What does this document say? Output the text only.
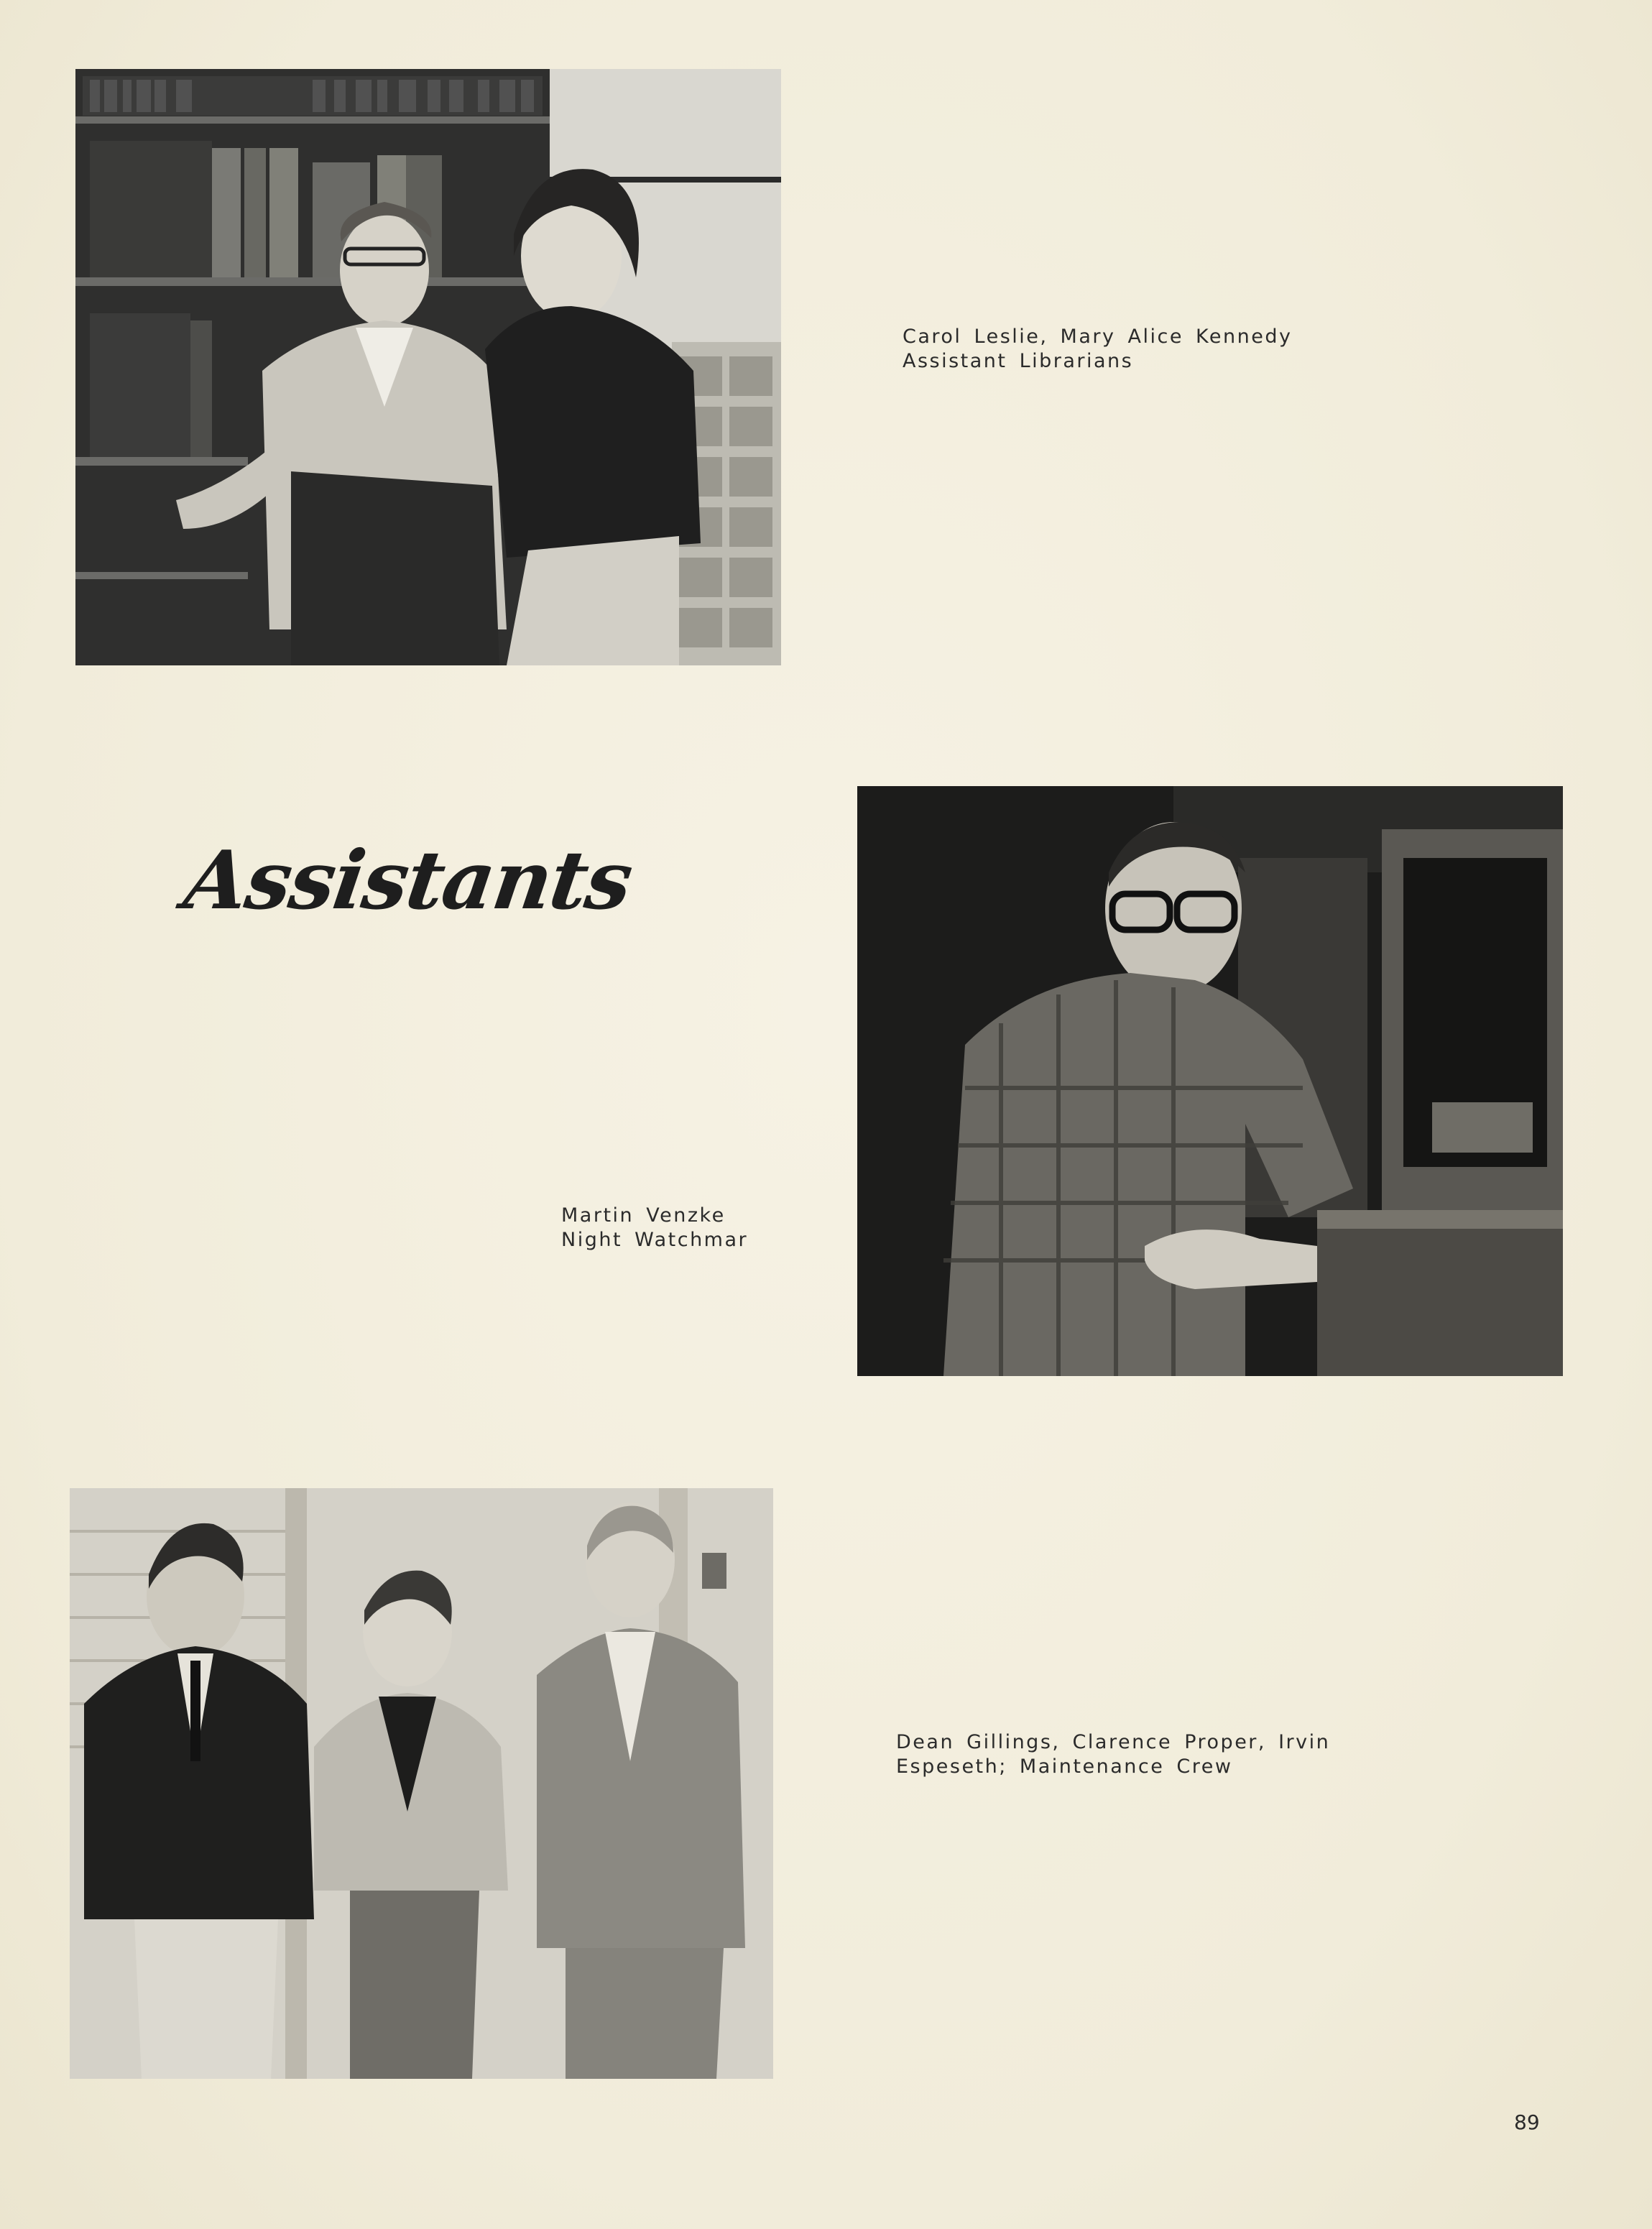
Carol Leslie, Mary Alice Kennedy
Assistant Librarians
Assistants
Martin Venzke
Night Watchmar
Dean Gillings, Clarence Proper, Irvin
Espeseth; Maintenance Crew
89
